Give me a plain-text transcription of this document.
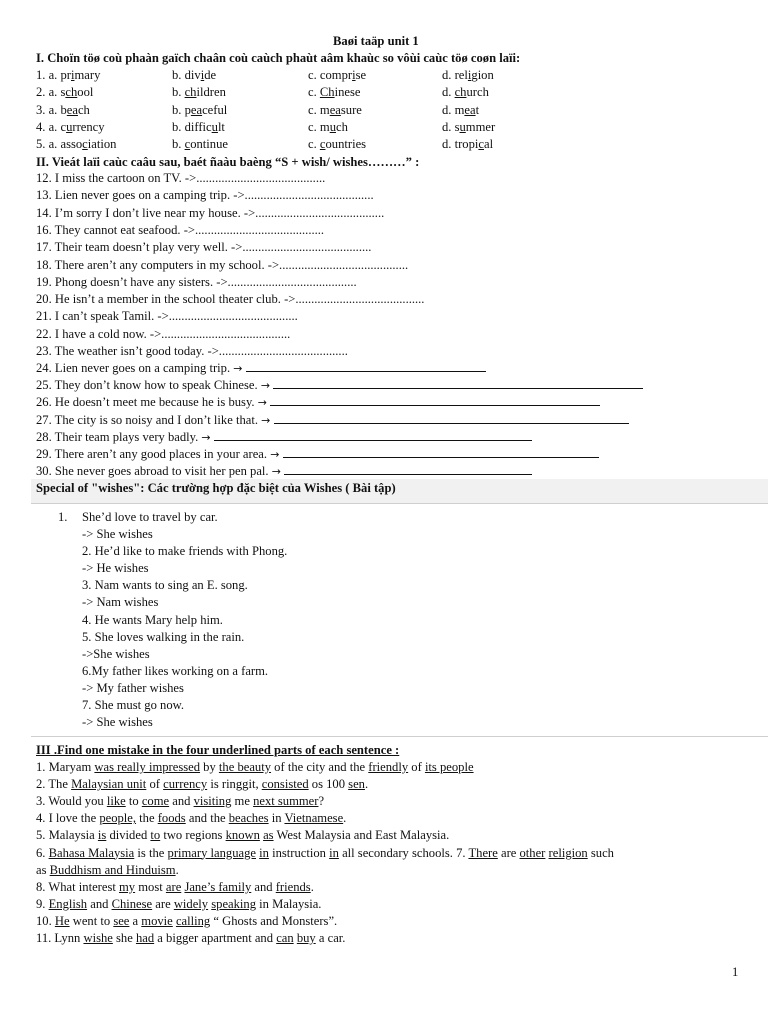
Baøi taäp unit 1
I. Choïn töø coù phaàn gaïch chaân coù caùch phaùt aâm khaùc so vôùi caùc töø coøn laïi:
1. a. primary	b. divide	c. comprise	d. religion
2. a. school	b. children	c. Chinese	d. church
3. a. beach	b. peaceful	c. measure	d. meat
4. a. currency	b. difficult	c. much	d. summer
5. a. association	b. continue	c. countries	d. tropical
II. Vieát laïi caùc caâu sau, baét ñaàu baèng “S + wish/ wishes………” :
12. I miss the cartoon on TV. ->.........................................
13. Lien never goes on a camping trip. ->.........................................
14. I’m sorry I don’t live near my house. ->.........................................
16. They cannot eat seafood. ->.........................................
17. Their team doesn’t play very well. ->.........................................
18. There aren’t any computers in my school. ->.........................................
19. Phong doesn’t have any sisters. ->.........................................
20. He isn’t a member in the school theater club. ->.........................................
21. I can’t speak Tamil. ->.........................................
22. I have a cold now. ->.........................................
23. The weather isn’t good today. ->.........................................
24. Lien never goes on a camping trip. →
25. They don’t know how to speak Chinese. →
26. He doesn’t meet me because he is busy. →
27. The city is so noisy and I don’t like that. →
28. Their team plays very badly. →
29. There aren’t any good places in your area. →
30. She never goes abroad to visit her pen pal. →
Special of "wishes": Các trường hợp đặc biệt của Wishes ( Bài tập)
1. She’d love to travel by car.
-> She wishes
2. He’d like to make friends with Phong.
-> He wishes
3. Nam wants to sing an E. song.
-> Nam wishes
4. He wants Mary help him.
5. She loves walking in the rain.
->She wishes
6.My father likes working on a farm.
-> My father wishes
7. She must go now.
-> She wishes
III .Find one mistake in the four underlined parts of each sentence :
1. Maryam was really impressed by the beauty of the city and the friendly of its people
2. The Malaysian unit of currency is ringgit, consisted os 100 sen.
3. Would you like to come and visiting me next summer?
4. I love the people, the foods and the beaches in Vietnamese.
5. Malaysia is divided to two regions known as West Malaysia and East Malaysia.
6. Bahasa Malaysia is the primary language in instruction in all secondary schools. 7. There are other religion such
as Buddhism and Hinduism.
8. What interest my most are Jane’s family and friends.
9. English and Chinese are widely speaking in Malaysia.
10. He went to see a movie calling “ Ghosts and Monsters”.
11. Lynn wishe she had a bigger apartment and can buy a car.
1
